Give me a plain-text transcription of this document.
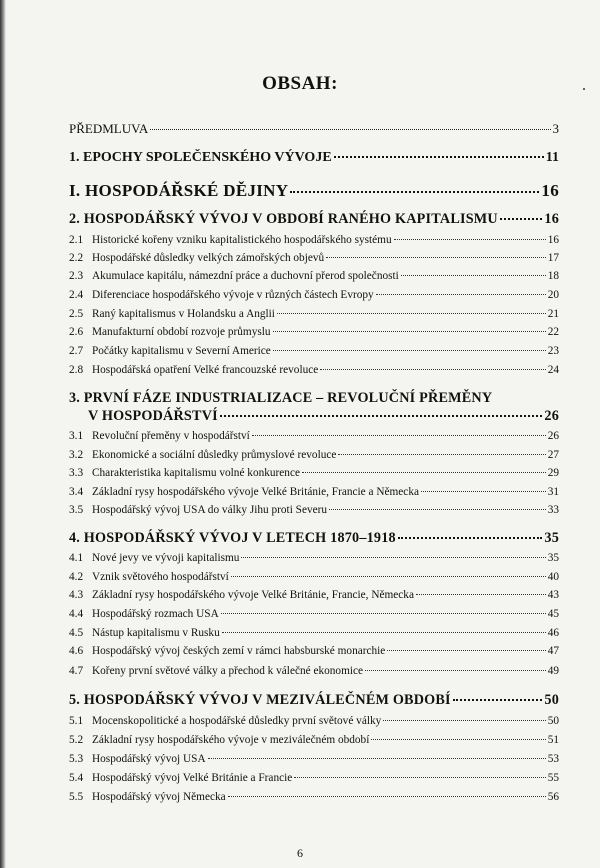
OBSAH:
PŘEDMLUVA	3
1.
EPOCHY SPOLEČENSKÉHO VÝVOJE	11
I.
HOSPODÁŘSKÉ DĚJINY	16
2.
HOSPODÁŘSKÝ VÝVOJ V OBDOBÍ RANÉHO KAPITALISMU	16
2.1 Historické kořeny vzniku kapitalistického hospodářského systému	16
2.2 Hospodářské důsledky velkých zámořských objevů	17
2.3 Akumulace kapitálu, námezdní práce a duchovní přerod společnosti	18
2.4 Diferenciace hospodářského vývoje v různých částech Evropy	20
2.5 Raný kapitalismus v Holandsku a Anglii	21
2.6 Manufakturní období rozvoje průmyslu	22
2.7 Počátky kapitalismu v Severní Americe	23
2.8 Hospodářská opatření Velké francouzské revoluce	24
3.
PRVNÍ FÁZE INDUSTRIALIZACE – REVOLUČNÍ PŘEMĚNY
V HOSPODÁŘSTVÍ	26
3.1 Revoluční přeměny v hospodářství	26
3.2 Ekonomické a sociální důsledky průmyslové revoluce	27
3.3 Charakteristika kapitalismu volné konkurence	29
3.4 Základní rysy hospodářského vývoje Velké Británie, Francie a Německa	31
3.5 Hospodářský vývoj USA do války Jihu proti Severu	33
4.
HOSPODÁŘSKÝ VÝVOJ V LETECH 1870–1918	35
4.1 Nové jevy ve vývoji kapitalismu	35
4.2 Vznik světového hospodářství	40
4.3 Základní rysy hospodářského vývoje Velké Británie, Francie, Německa	43
4.4 Hospodářský rozmach USA	45
4.5 Nástup kapitalismu v Rusku	46
4.6 Hospodářský vývoj českých zemí v rámci habsburské monarchie	47
4.7 Kořeny první světové války a přechod k válečné ekonomice	49
5.
HOSPODÁŘSKÝ VÝVOJ V MEZIVÁLEČNÉM OBDOBÍ	50
5.1 Mocenskopolitické a hospodářské důsledky první světové války	50
5.2 Základní rysy hospodářského vývoje v meziválečném období	51
5.3 Hospodářský vývoj USA	53
5.4 Hospodářský vývoj Velké Británie a Francie	55
5.5 Hospodářský vývoj Německa	56
6
